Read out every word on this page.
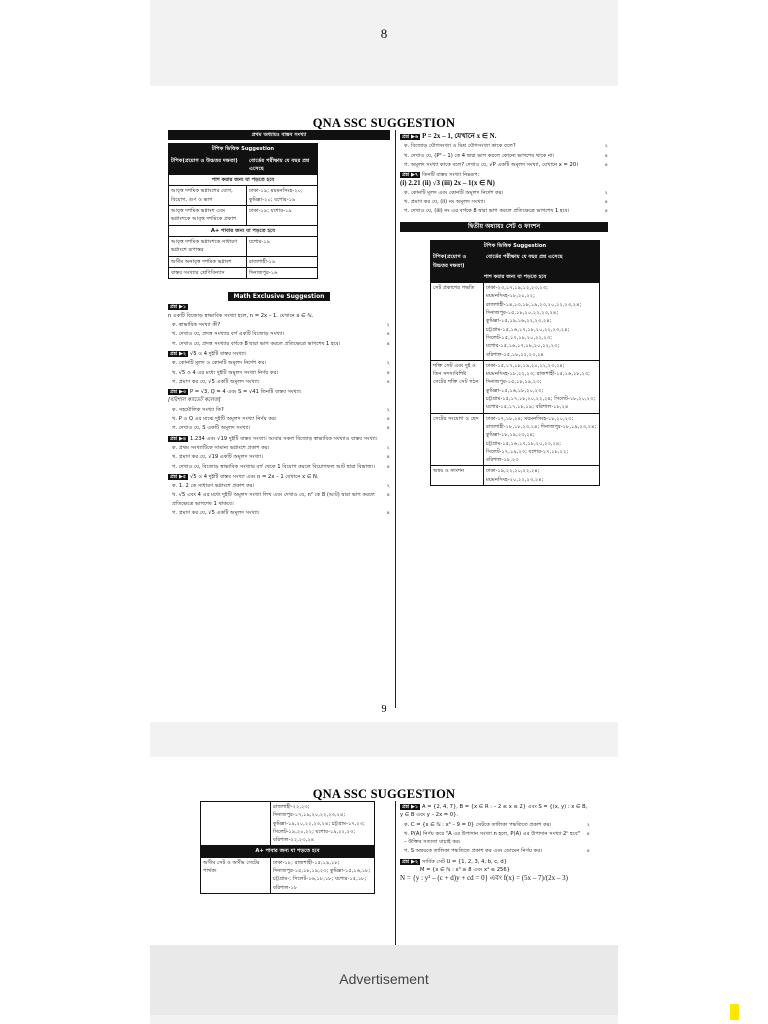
8
QNA SSC SUGGESTION
প্রথম অধ্যায়ঃ বাস্তব সংখ্যা
টপিক ভিত্তিক Suggestion	
টপিক(প্রয়োগ ও উচ্চতর দক্ষতা)	বোর্ডের পরীক্ষায় যে বছর প্রশ্ন এসেছে
পাশ করার জন্য যা পড়তে হবে	
আবৃত্ত দশমিক ভগ্নাংশের যোগ, বিয়োগ, গুণ ও ভাগ	ঢাকা-১৯; ময়মনসিংহ-২০; কুমিল্লা-২০; যশোর-১৯
আবৃত্ত দশমিক ভগ্নাংশ এবং ভগ্নাংশকে আবৃত্ত দশমিকে প্রকাশ	ঢাকা-১৯; যশোর-১৯
A+ পাবার জন্য যা পড়তে হবে	
আবৃত্ত দশমিক ভগ্নাংশকে সাধারণ ভগ্নাংশে রূপান্তর	যশোর-১৯
অসীম অনাবৃত্ত দশমিক ভগ্নাংশ	রাজশাহী-১৯
বাস্তব সংখ্যার শ্রেণিবিন্যাস	দিনাজপুর-১৬
Math Exclusive Suggestion
প্রশ্ন ▶১
n একটি বিজোড় স্বাভাবিক সংখ্যা হলে, n = 2x – 1. যেখানে x ∈ ℕ.
ক. স্বাভাবিক সংখ্যা কী?	২
খ. দেখাও যে, প্রদত্ত সংখ্যার বর্গ একটি বিজোড় সংখ্যা।	৪
গ. দেখাও যে, প্রদত্ত সংখ্যার বর্গকে 8 দ্বারা ভাগ করলে প্রতিক্ষেত্রে ভাগশেষ 1 হবে।	৪
প্রশ্ন ▶২ √5 ও 4 দুইটি বাস্তব সংখ্যা।
ক. কোনটি মূলদ ও কোনটি অমূলদ নির্দেশ কর।	২
খ. √5 ও 4 এর মধ্যে দুইটি অমূলদ সংখ্যা নির্ণয় কর।	৪
গ. প্রমাণ কর যে, √5 একটি অমূলদ সংখ্যা।	৪
প্রশ্ন ▶৩ P = √3, Q = 4 এবং S = √41 তিনটি বাস্তব সংখ্যা।
[বরিশাল ক্যাডেট কলেজ]
ক. সহমৌলিক সংখ্যা কি?	২
খ. P ও Q এর মাঝে দুইটি অমূলদ সংখ্যা নির্ণয় কর।	৪
গ. দেখাও যে, S একটি অমূলদ সংখ্যা।	৪
প্রশ্ন ▶৪ 1.234 এবং √19 দুইটি বাস্তব সংখ্যা। আবার সকল বিজোড় স্বাভাবিক সংখ্যাও বাস্তব সংখ্যা।
ক. প্রথম সংখ্যাটিকে সামান্য ভগ্নাংশে প্রকাশ কর।	২
খ. প্রমাণ কর যে, √19 একটি অমূলদ সংখ্যা।	৪
গ. দেখাও যে, বিজোড় স্বাভাবিক সংখ্যার বর্গ থেকে 1 বিয়োগ করলে বিয়োগফল আট দ্বারা বিভাজ্য। ৪
প্রশ্ন ▶৫ √5 ও 4 দুইটি বাস্তব সংখ্যা এবং n = 2x – 1 যেখানে x ∈ N.
ক. 1. 2 কে সাধারণ ভগ্নাংশে প্রকাশ কর।	২
খ. √5 এবং 4 এর মধ্যে দুইটি অমূলদ সংখ্যা লিখ এবং দেখাও যে, n² কে 8 (আট) দ্বারা ভাগ করলে প্রতিক্ষেত্রে ভাগশেষ 1 থাকবে।
৪
গ. প্রমাণ কর যে, √5 একটি অমূলদ সংখ্যা।	৪
প্রশ্ন ▶৬ P = 2x – 1, যেখানে x ∈ N.
ক. বিজোড় যৌগসংখ্যা ও মিশ্র যৌগসংখ্যা কাকে বলে?	২
খ. দেখাও যে, (P² – 1) কে 4 দ্বারা ভাগ করলে কোনো ভাগশেষ থাকে না।	৪
গ. অমূলদ সংখ্যা কাকে বলে? দেখাও যে, √P একটি অমূলদ সংখ্যা, যেখানে x = 20।	৪
প্রশ্ন ▶৭ তিনটি বাস্তব সংখ্যা নিম্নরূপ:
(i) 2.21 (ii) √3 (iii) 2x – 1(x ∈ ℕ)
ক. কোনটি মূলদ এবং কোনটি অমূলদ নির্দেশ কর।	২
খ. প্রমাণ কর যে, (ii) নং অমূলদ সংখ্যা।	৪
গ. দেখাও যে, (iii) নং এর বর্গকে 8 দ্বারা ভাগ করলে প্রতিক্ষেত্রে ভাগশেষ 1 হবে।	৪
দ্বিতীয় অধ্যায়ঃ সেট ও ফাংশন
টপিক ভিত্তিক Suggestion	
টপিক(প্রয়োগ ও উচ্চতর দক্ষতা)	বোর্ডের পরীক্ষায় যে বছর প্রশ্ন এসেছে
পাশ করার জন্য যা পড়তে হবে	
সেট প্রকাশের পদ্ধতি	ঢাকা-২৩,১৭,১৯,১২,২৩,২৩; ময়মনসিংহ-১৮,২০,২২; রাজশাহী-১৪,১৩,১৮,১৯,২৩,২০,২২,২৩,২৪; দিনাজপুর-১৫,১৮,২০,২২,২৩,২৪; কুমিল্লা-১৫,১৯,১৬,২২,২৩,২৪; চট্টগ্রাম-১৫,১৬,১৭,১৮,২০,২২,২৩,২৪; সিলেট-১৫,১৭,১৮,২০,২২,২৩; যশোর-১৫,১৬,১৭,১৮,২০,২২,২৩; বরিশাল-১৫,১৮,২২,২৩,২৪
শক্তি সেট এবং দুই ও তিন সদস্যবিশিষ্ট সেটের শক্তি সেট গঠন	ঢাকা-১৫,১৭,১৮,১৯,২০,২২,২৩,২৪; ময়মনসিংহ-১৮,২২,২৩; রাজশাহী-১৫,১৬,১৮,২৩; দিনাজপুর-১৫,১৮,১৯,২৩; কুমিল্লা-১৫,১৬,১৮,২০,২৩; চট্টগ্রাম-১৫,১৭,১৮,২০,২২,২৪; সিলেট-১৮,২০,২৩; যশোর-১৫,১৭,১৮,১৯; বরিশাল-১৮,২৪
সেটের সংযোগ ও ছেদ	ঢাকা-১৭,১৮,২৪; ময়মনসিংহ-১৮,২০,২৩; রাজশাহী-১৮,১৮,২৩,২৪; দিনাজপুর-১৮,১৯,২৩,২৪; কুমিল্লা-১৮,১৯,২৩,২৪; চট্টগ্রাম-১৫,১৬,১৭,১৮,২০,২৩,২৪; সিলেট-১৭,১৯,২৩; যশোর-১৭,১৮,২২; বরিশাল-১৮,২৩
অন্বয় ও ফাংশন	ঢাকা-১৯,২২,২০,২২,২৪; ময়মনসিংহ-২০,২২,২৩,২৪;
9
QNA SSC SUGGESTION
	রাজশাহী-২২,২৩; দিনাজপুর-১৭,১৯,২০,২২,২৩,২৪; কুমিল্লা-১৯,২০,২২,২৩,২৪; চট্টগ্রাম-১৭,২৩; সিলেট-১৯,২০,২২; যশোর-১৯,২২,২৩; বরিশাল-২২,২৩,২৪
A+ পাবার জন্য যা পড়তে হবে	
অসীম সেট ও অসীম সেটের পার্থক্য	ঢাকা-১৮; রাজশাহী-১৫,১৯,১৮; দিনাজপুর-১৫,১৮,১৯,২৩; কুমিল্লা-১৫,১৬,১৮; চট্টগ্রাম-; সিলেট-১৬,১৮,১৮; যশোর-১৫,১৮; বরিশাল-১৮
প্রশ্ন ▶১ A = {2, 4, 7}, B = {x ∈ R : – 2 ≤ x ≤ 2} এবং S = {(x, y) : x ∈ B, y ∈ B এবং y – 2x = 0}.
ক. C = {x ∈ ℕ : x³ – 9 = 0} সেটকে তালিকা পদ্ধতিতে প্রকাশ কর।	২
খ. P(A) নির্ণয় করে "A এর উপাদান সংখ্যা n হলে, P(A) এর উপাদান সংখ্যা 2ⁿ হবে" – উক্তির সত্যতা যাচাই কর।
৪
গ. S অম্বয়কে তালিকা পদ্ধতিতে প্রকাশ কর এবং ডোমেন নির্ণয় কর।	৪
প্রশ্ন ▶২ সার্বিক সেট U = {1, 2, 3, 4, b, c, d}
M = {x ∈ ℕ : x³ ≥ 8 এবং x⁴ ≤ 256}
N = {y : y² – (c + d)y + cd = 0} এবং f(x) = (5x – 7)/(2x – 3)
Advertisement
